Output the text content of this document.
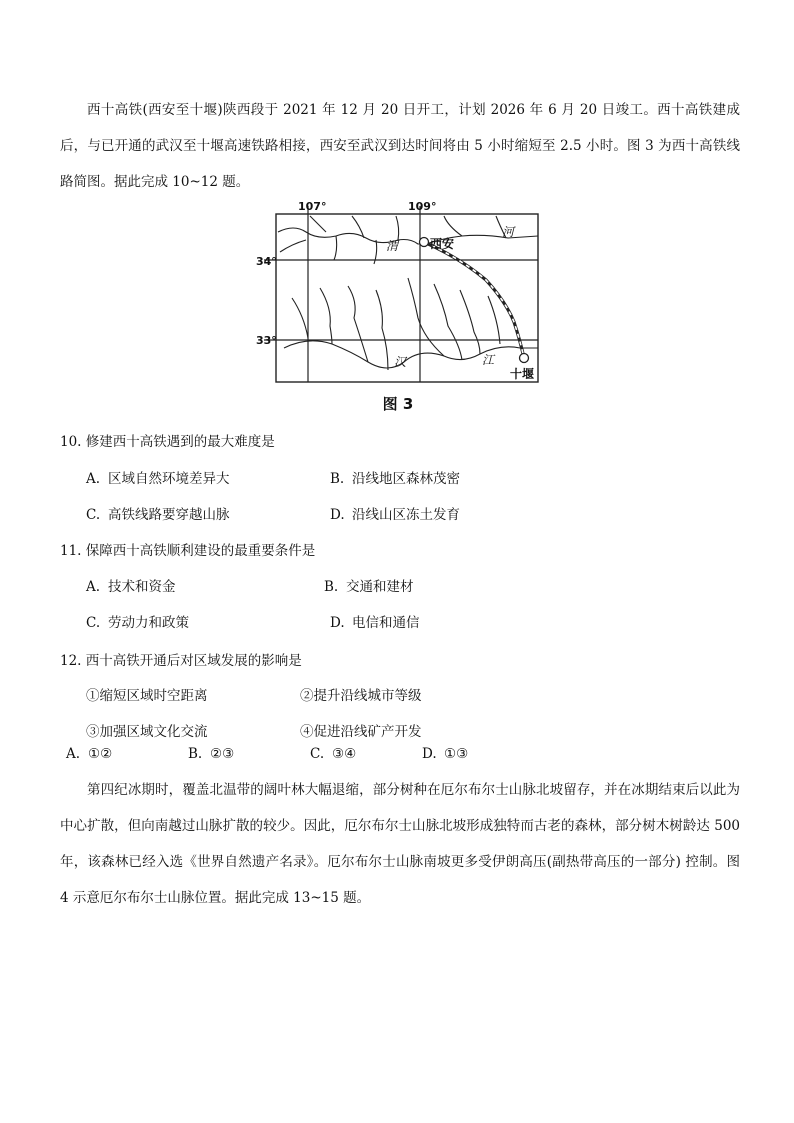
西十高铁(西安至十堰)陕西段于 2021 年 12 月 20 日开工，计划 2026 年 6 月 20 日竣工。西十高铁建成后，与已开通的武汉至十堰高速铁路相接，西安至武汉到达时间将由 5 小时缩短至 2.5 小时。图 3 为西十高铁线路简图。据此完成 10~12 题。

107°	109°
34°
33°
西安
十堰
渭
河
汉	江
图 3

10. 修建西十高铁遇到的最大难度是

A. 区域自然环境差异大	B. 沿线地区森林茂密

C. 高铁线路要穿越山脉	D. 沿线山区冻土发育

11. 保障西十高铁顺利建设的最重要条件是

A. 技术和资金	B. 交通和建材

C. 劳动力和政策	D. 电信和通信

12. 西十高铁开通后对区域发展的影响是

①缩短区域时空距离	②提升沿线城市等级

③加强区域文化交流	④促进沿线矿产开发

A. ①②	B. ②③	C. ③④	D. ①③

第四纪冰期时，覆盖北温带的阔叶林大幅退缩，部分树种在厄尔布尔士山脉北坡留存，并在冰期结束后以此为中心扩散，但向南越过山脉扩散的较少。因此，厄尔布尔士山脉北坡形成独特而古老的森林，部分树木树龄达 500 年，该森林已经入选《世界自然遗产名录》。厄尔布尔士山脉南坡更多受伊朗高压(副热带高压的一部分) 控制。图 4 示意厄尔布尔士山脉位置。据此完成 13~15 题。
